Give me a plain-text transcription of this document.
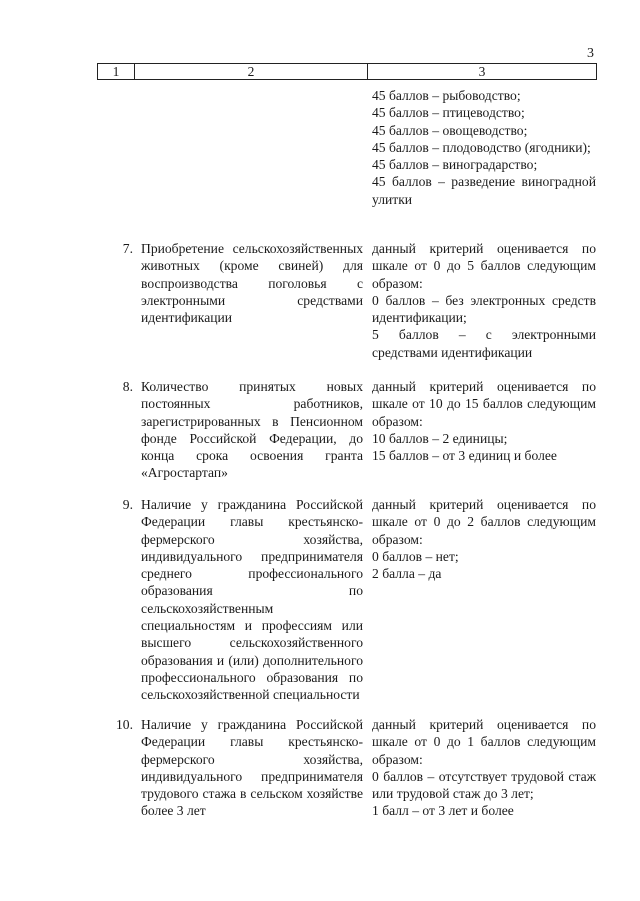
3
1	2	3
45 баллов – рыбоводство;
45 баллов – птицеводство;
45 баллов – овощеводство;
45 баллов – плодоводство (ягодники);
45 баллов – виноградарство;
45 баллов – разведение виноградной улитки
7. Приобретение сельскохозяйственных животных (кроме свиней) для воспроизводства поголовья с электронными средствами идентификации
данный критерий оценивается по шкале от 0 до 5 баллов следующим образом:
0 баллов – без электронных средств идентификации;
5 баллов – с электронными средствами идентификации
8. Количество принятых новых постоянных работников, зарегистрированных в Пенсионном фонде Российской Федерации, до конца срока освоения гранта «Агростартап»
данный критерий оценивается по шкале от 10 до 15 баллов следующим образом:
10 баллов – 2 единицы;
15 баллов – от 3 единиц и более
9. Наличие у гражданина Российской Федерации главы крестьянско-фермерского хозяйства, индивидуального предпринимателя среднего профессионального образования по сельскохозяйственным специальностям и профессиям или высшего сельскохозяйственного образования и (или) дополнительного профессионального образования по сельскохозяйственной специальности
данный критерий оценивается по шкале от 0 до 2 баллов следующим образом:
0 баллов – нет;
2 балла – да
10. Наличие у гражданина Российской Федерации главы крестьянско-фермерского хозяйства, индивидуального предпринимателя трудового стажа в сельском хозяйстве более 3 лет
данный критерий оценивается по шкале от 0 до 1 баллов следующим образом:
0 баллов – отсутствует трудовой стаж или трудовой стаж до 3 лет;
1 балл – от 3 лет и более
